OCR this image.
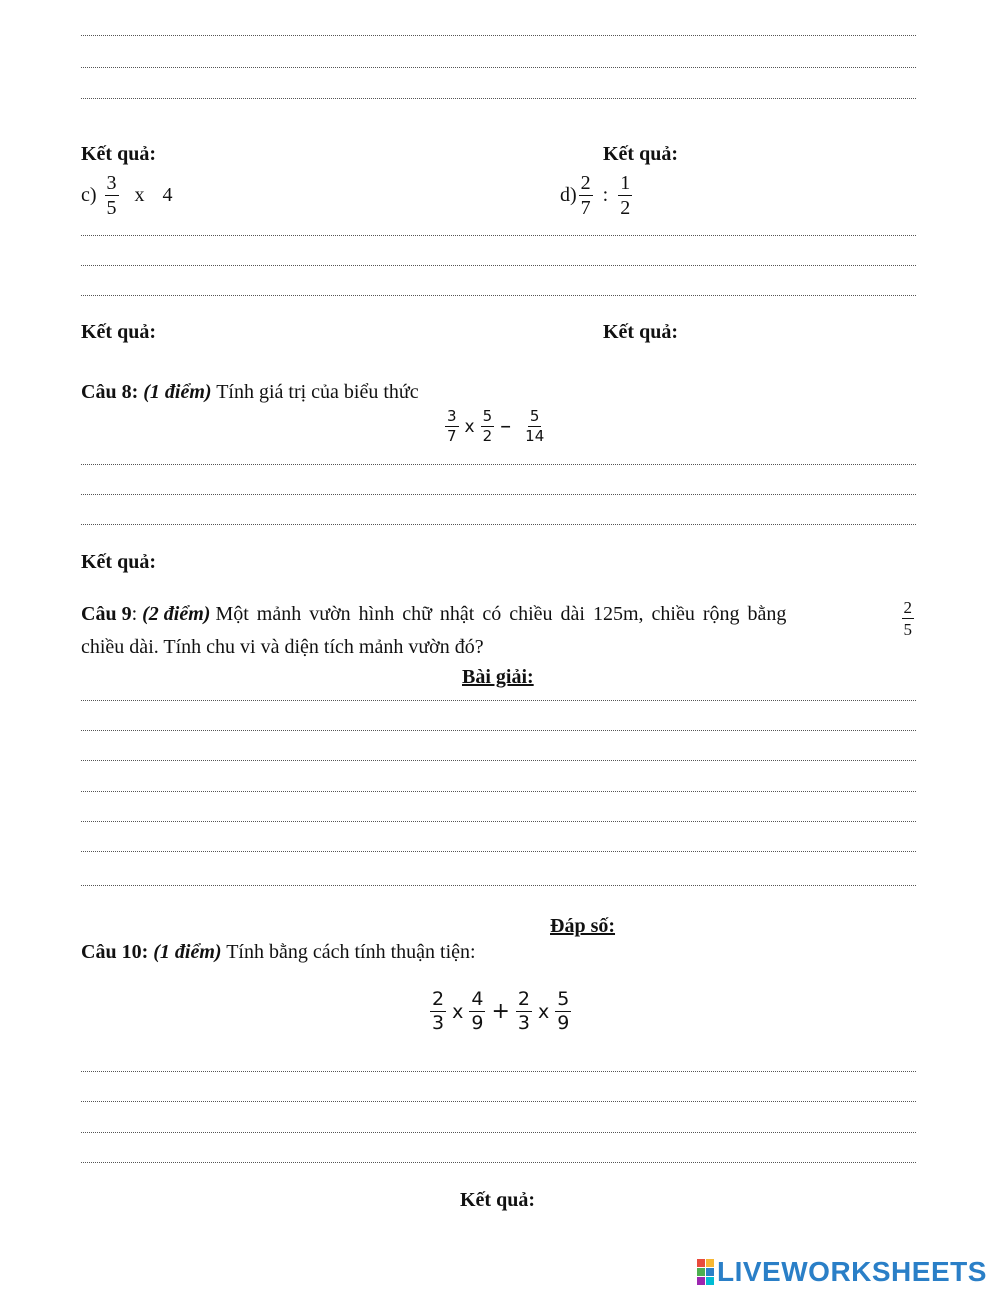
Kết quả:	Kết quả:
$c) \frac{3}{5}$ x 4	$d) \frac{2}{7}$ : $\frac{1}{2}$
Kết quả:	Kết quả:
Câu 8: (1 điểm) Tính giá trị của biểu thức
$\frac{3}{7}$ x $\frac{5}{2} - \frac{5}{14}$
Kết quả:
Câu 9: (2 điểm) Một mảnh vườn hình chữ nhật có chiều dài 125m, chiều rộng bằng	$\frac{2}{5}$
chiều dài. Tính chu vi và diện tích mảnh vườn đó?
Bài giải:
Đáp số:
Câu 10: (1 điểm) Tính bằng cách tính thuận tiện:
$\frac{2}{3}$ x $\frac{4}{9} + \frac{2}{3}$ x $\frac{5}{9}$
Kết quả:
LIVEWORKSHEETS
